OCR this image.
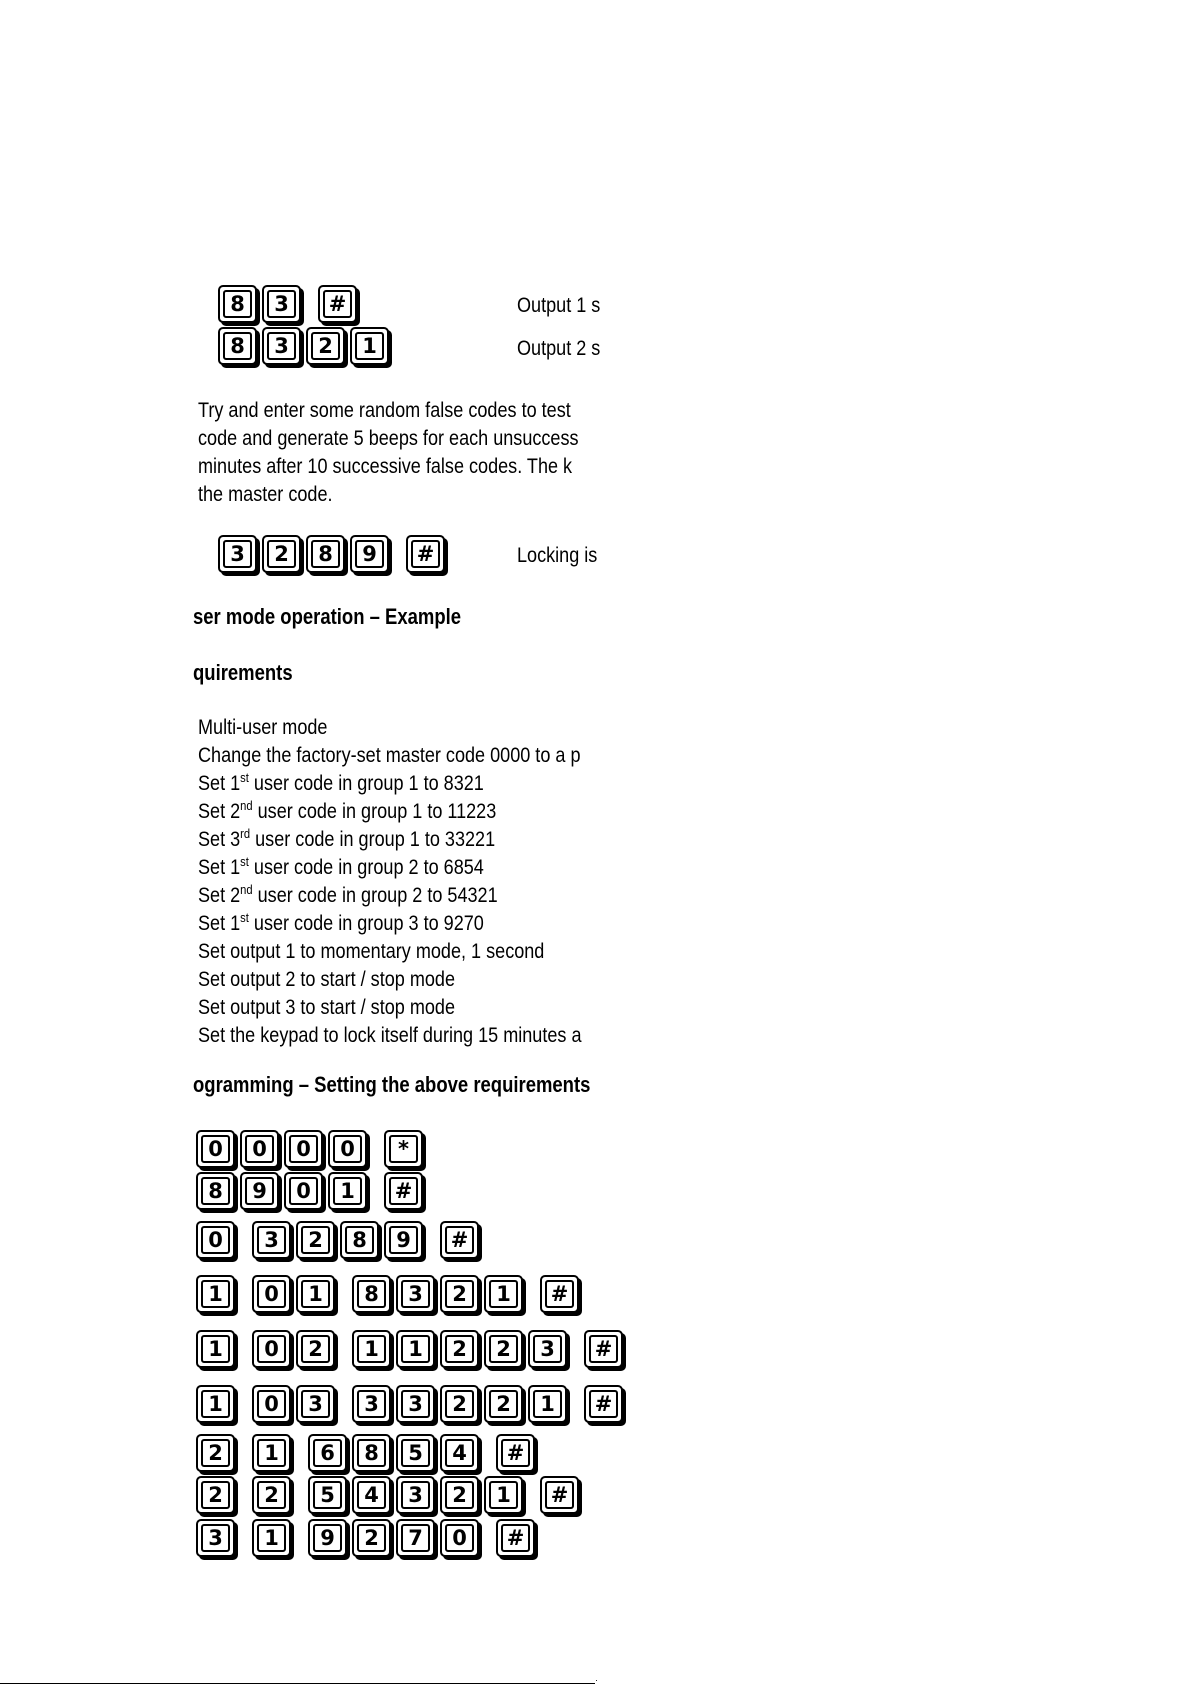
8	3	#	Output 1 s
8	3	2	1	Output 2 s
Try and enter some random false codes to test
code and generate 5 beeps for each unsuccess
minutes after 10 successive false codes. The k
the master code.
3	2	8	9	#	Locking is
ser mode operation – Example
quirements
Multi-user mode
Change the factory-set master code 0000 to a p
Set 1st user code in group 1 to 8321
Set 2nd user code in group 1 to 11223
Set 3rd user code in group 1 to 33221
Set 1st user code in group 2 to 6854
Set 2nd user code in group 2 to 54321
Set 1st user code in group 3 to 9270
Set output 1 to momentary mode, 1 second
Set output 2 to start / stop mode
Set output 3 to start / stop mode
Set the keypad to lock itself during 15 minutes a
ogramming – Setting the above requirements
0	0	0	0	*
8	9	0	1	#
0	3	2	8	9	#
1	0	1	8	3	2	1	#
1	0	2	1	1	2	2	3	#
1	0	3	3	3	2	2	1	#
2	1	6	8	5	4	#
2	2	5	4	3	2	1	#
3	1	9	2	7	0	#
·
